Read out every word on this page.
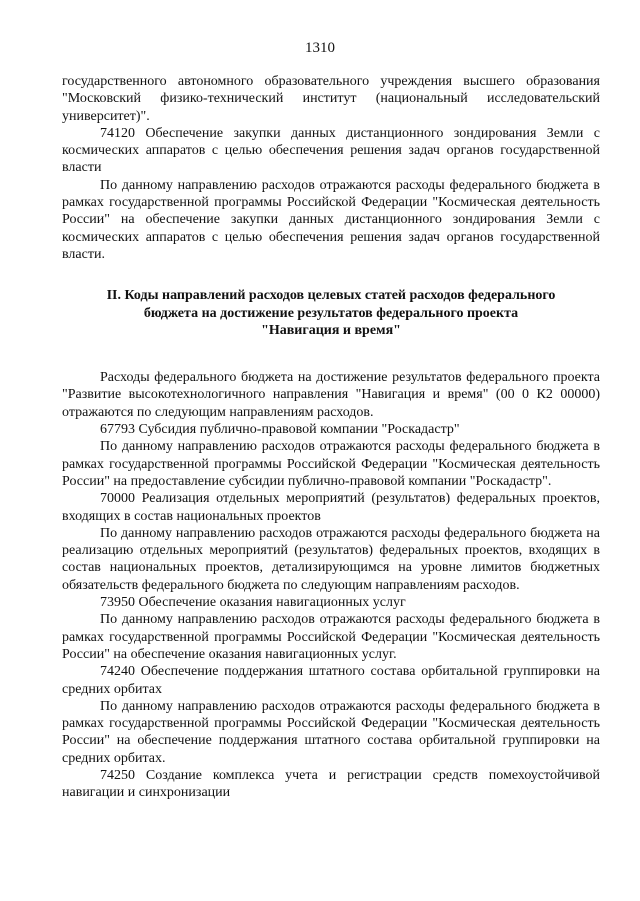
1310

государственного автономного образовательного учреждения высшего образования "Московский физико-технический институт (национальный исследовательский университет)".

74120 Обеспечение закупки данных дистанционного зондирования Земли с космических аппаратов с целью обеспечения решения задач органов государственной власти

По данному направлению расходов отражаются расходы федерального бюджета в рамках государственной программы Российской Федерации "Космическая деятельность России" на обеспечение закупки данных дистанционного зондирования Земли с космических аппаратов с целью обеспечения решения задач органов государственной власти.

II. Коды направлений расходов целевых статей расходов федерального
бюджета на достижение результатов федерального проекта
"Навигация и время"

Расходы федерального бюджета на достижение результатов федерального проекта "Развитие высокотехнологичного направления "Навигация и время" (00 0 К2 00000) отражаются по следующим направлениям расходов.

67793 Субсидия публично-правовой компании "Роскадастр"

По данному направлению расходов отражаются расходы федерального бюджета в рамках государственной программы Российской Федерации "Космическая деятельность России" на предоставление субсидии публично-правовой компании "Роскадастр".

70000 Реализация отдельных мероприятий (результатов) федеральных проектов, входящих в состав национальных проектов

По данному направлению расходов отражаются расходы федерального бюджета на реализацию отдельных мероприятий (результатов) федеральных проектов, входящих в состав национальных проектов, детализирующимся на уровне лимитов бюджетных обязательств федерального бюджета по следующим направлениям расходов.

73950 Обеспечение оказания навигационных услуг

По данному направлению расходов отражаются расходы федерального бюджета в рамках государственной программы Российской Федерации "Космическая деятельность России" на обеспечение оказания навигационных услуг.

74240 Обеспечение поддержания штатного состава орбитальной группировки на средних орбитах

По данному направлению расходов отражаются расходы федерального бюджета в рамках государственной программы Российской Федерации "Космическая деятельность России" на обеспечение поддержания штатного состава орбитальной группировки на средних орбитах.

74250 Создание комплекса учета и регистрации средств помехоустойчивой навигации и синхронизации
